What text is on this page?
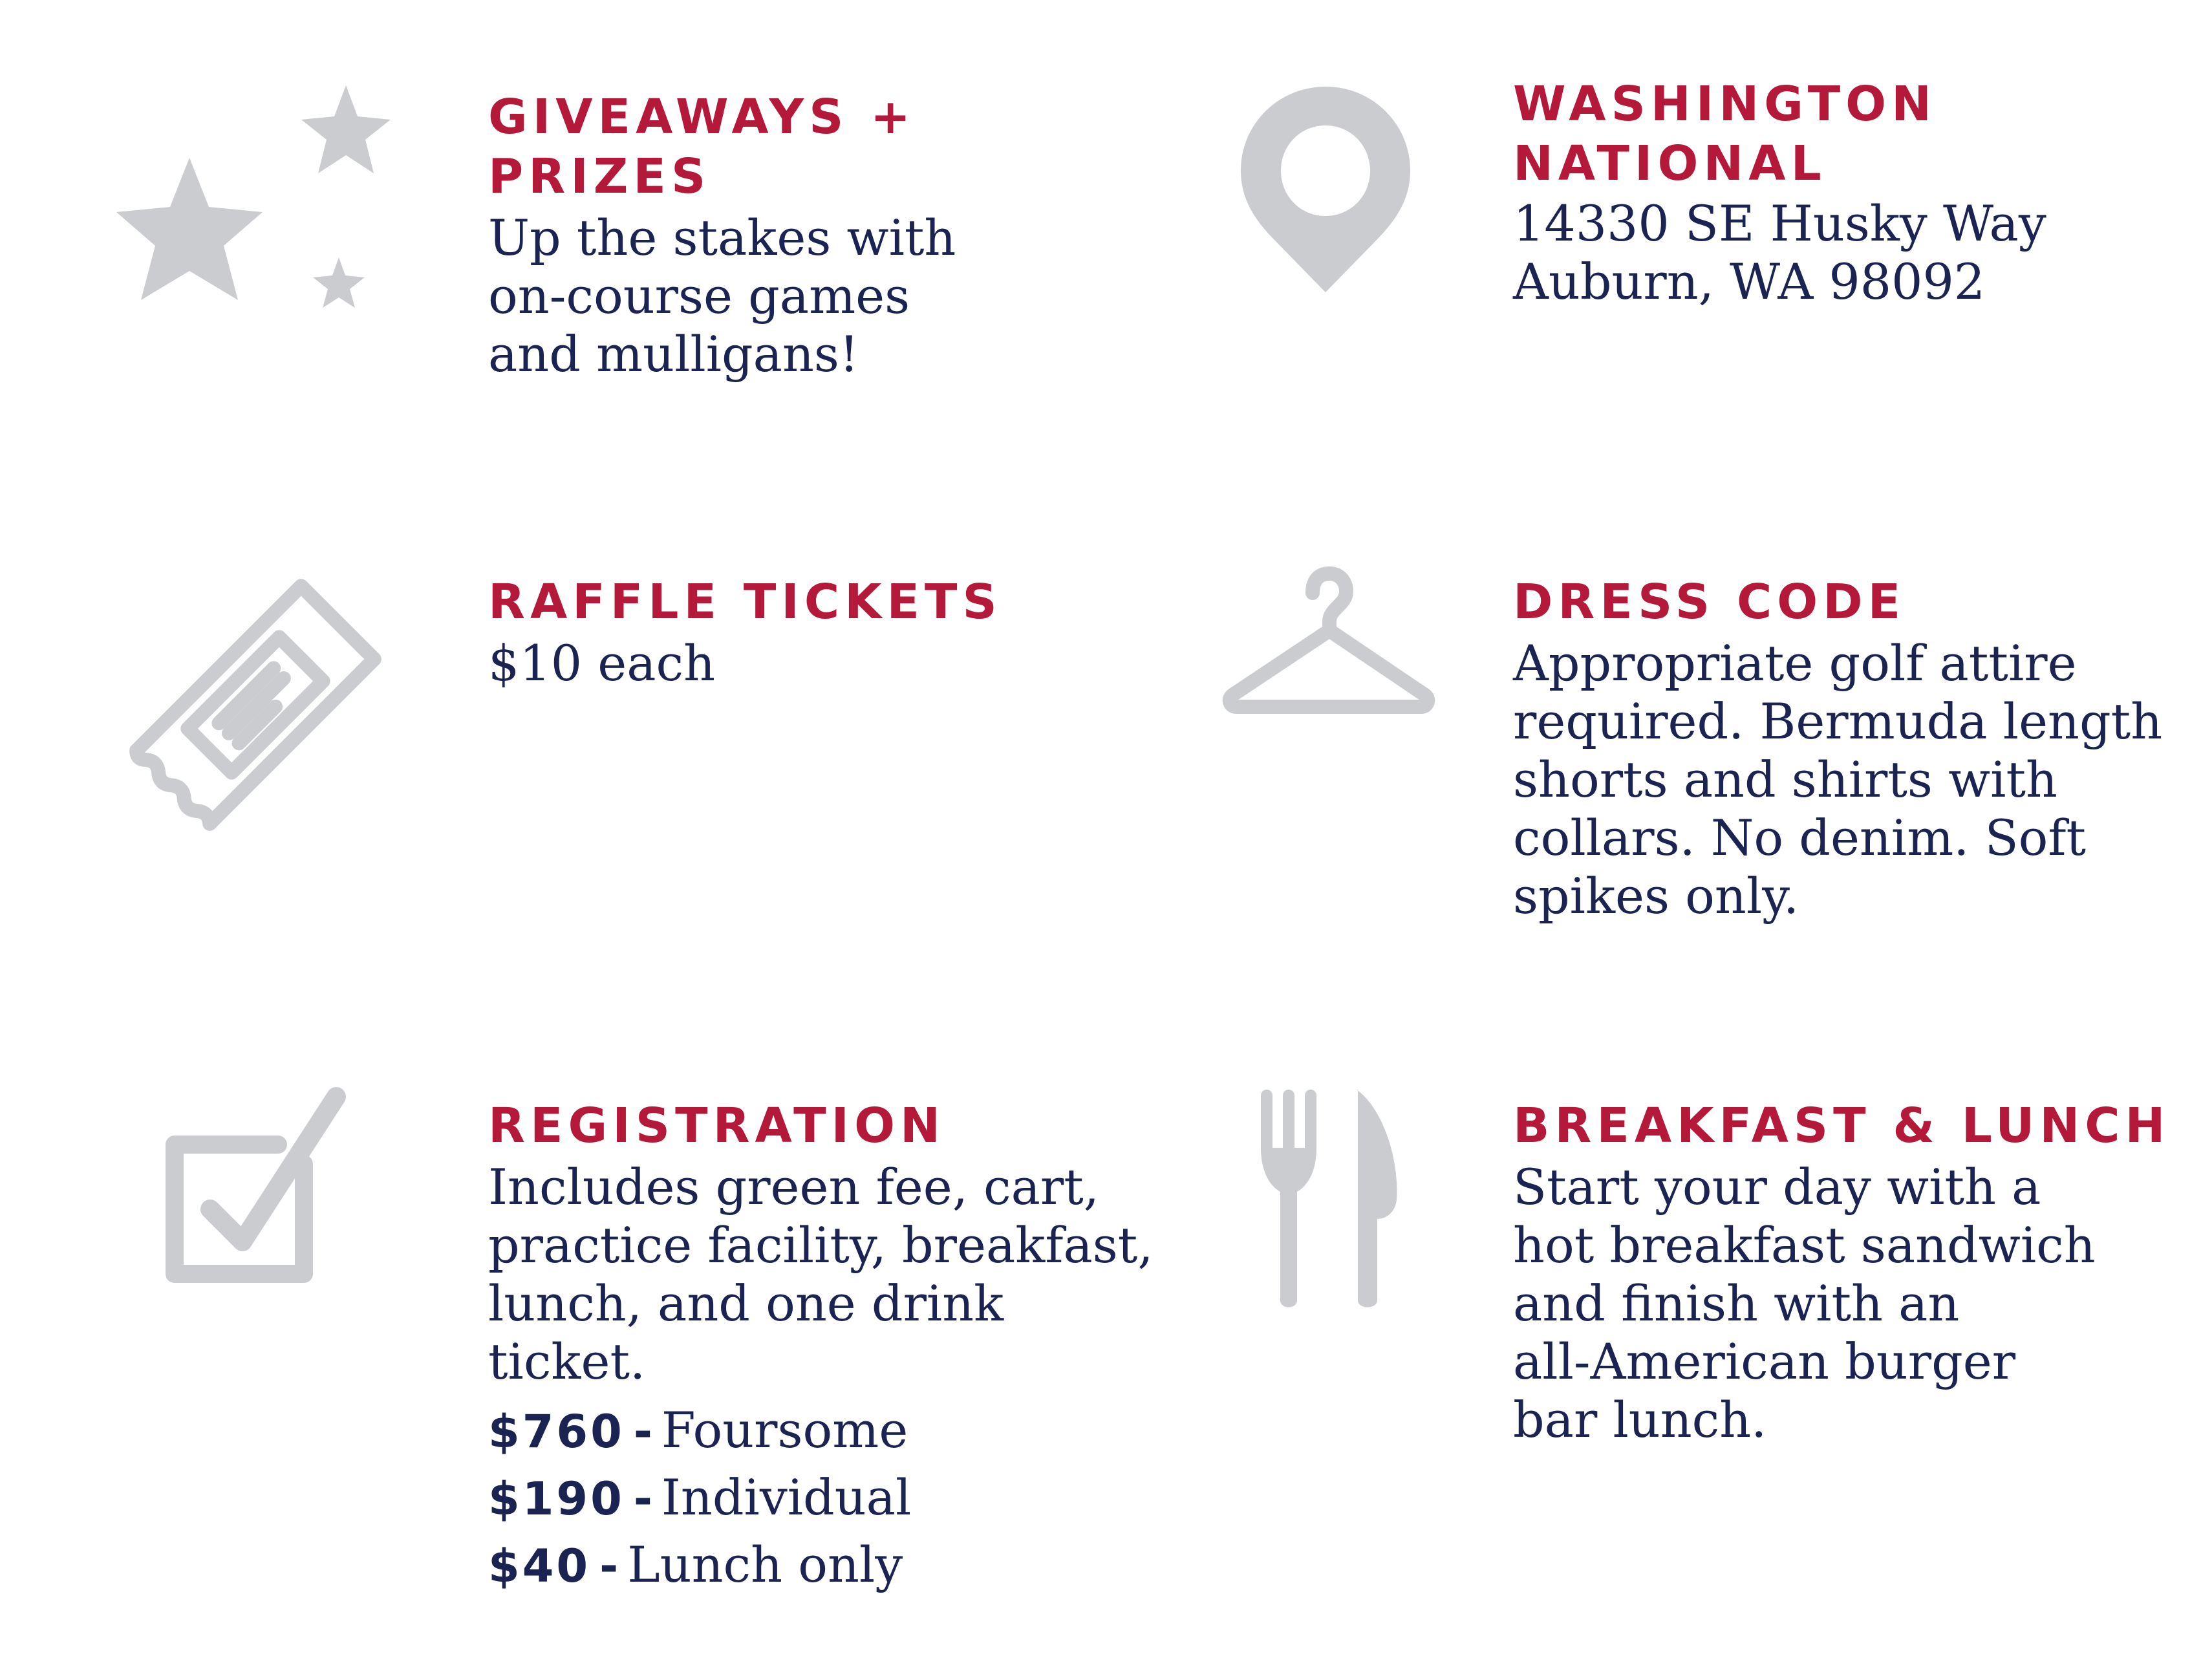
GIVEAWAYS + PRIZES

Up the stakes with
on-course games
and mulligans!

WASHINGTON
NATIONAL

14330 SE Husky Way
Auburn, WA 98092

RAFFLE TICKETS

$10 each

DRESS CODE

Appropriate golf attire
required. Bermuda length
shorts and shirts with
collars. No denim. Soft
spikes only.

REGISTRATION

Includes green fee, cart,
practice facility, breakfast,
lunch, and one drink
ticket.

$760 - Foursome
$190 - Individual
$40 - Lunch only

BREAKFAST & LUNCH

Start your day with a
hot breakfast sandwich
and finish with an
all-American burger
bar lunch.
